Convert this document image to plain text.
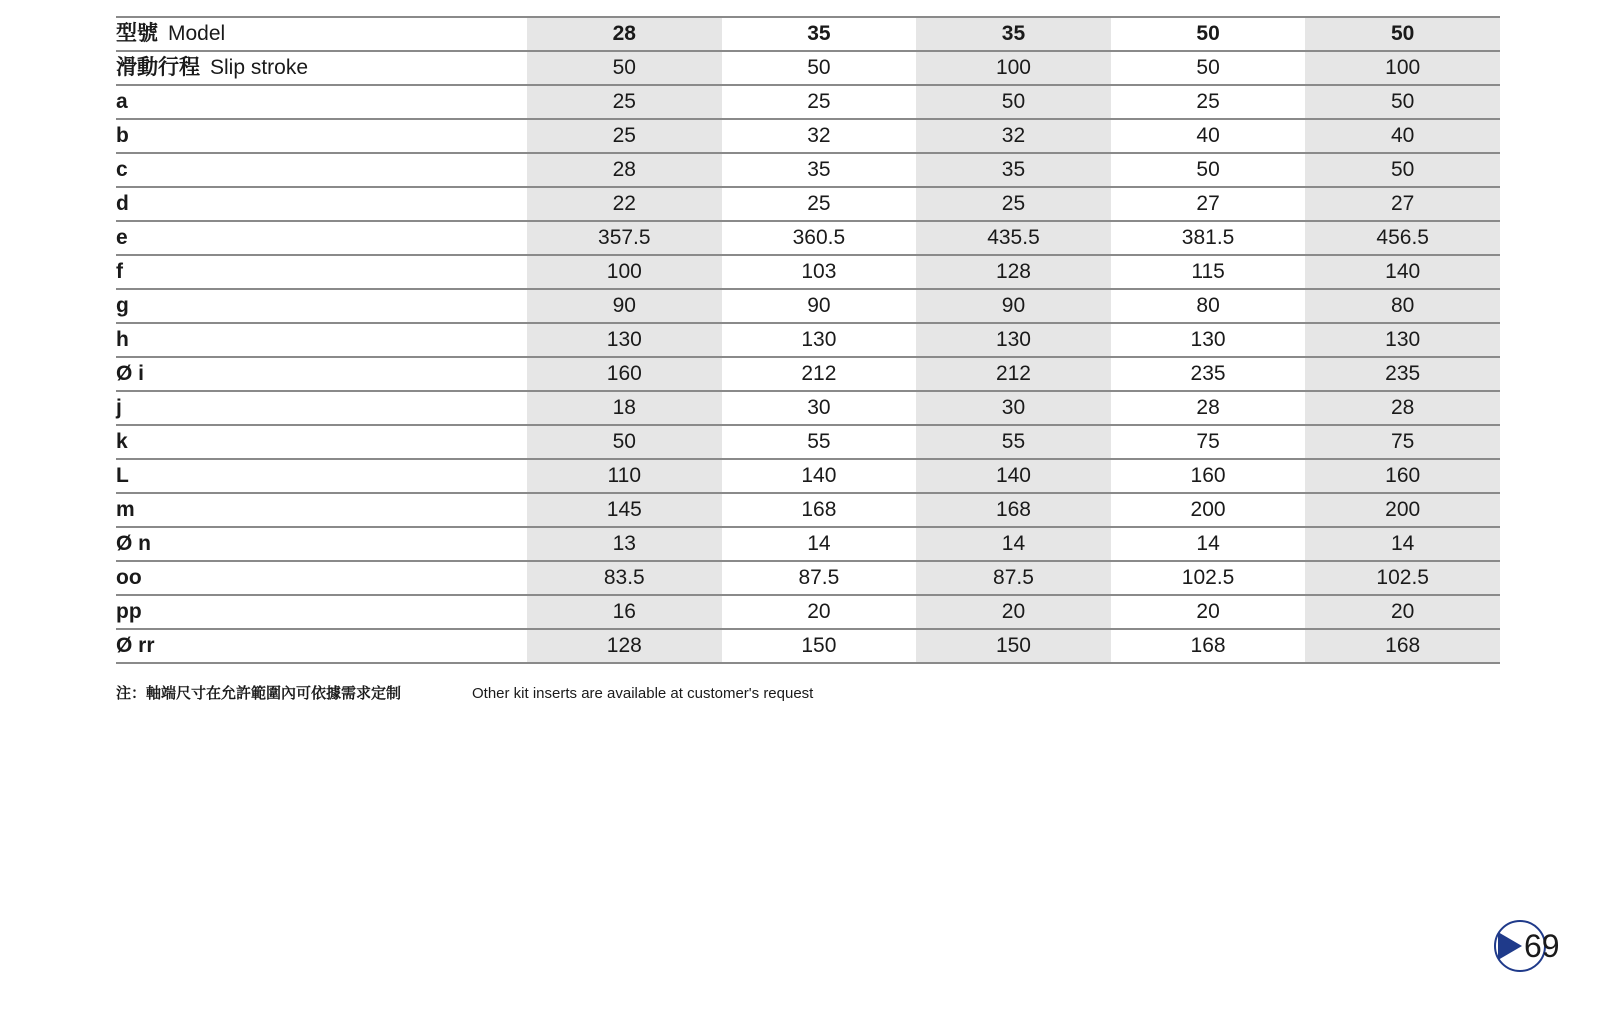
型號 Model	28	35	35	50	50
滑動行程 Slip stroke	50	50	100	50	100
a	25	25	50	25	50
b	25	32	32	40	40
c	28	35	35	50	50
d	22	25	25	27	27
e	357.5	360.5	435.5	381.5	456.5
f	100	103	128	115	140
g	90	90	90	80	80
h	130	130	130	130	130
Ø i	160	212	212	235	235
j	18	30	30	28	28
k	50	55	55	75	75
L	110	140	140	160	160
m	145	168	168	200	200
Ø n	13	14	14	14	14
oo	83.5	87.5	87.5	102.5	102.5
pp	16	20	20	20	20
Ø rr	128	150	150	168	168
注：軸端尺寸在允許範圍內可依據需求定制	Other kit inserts are available at customer's request
69
